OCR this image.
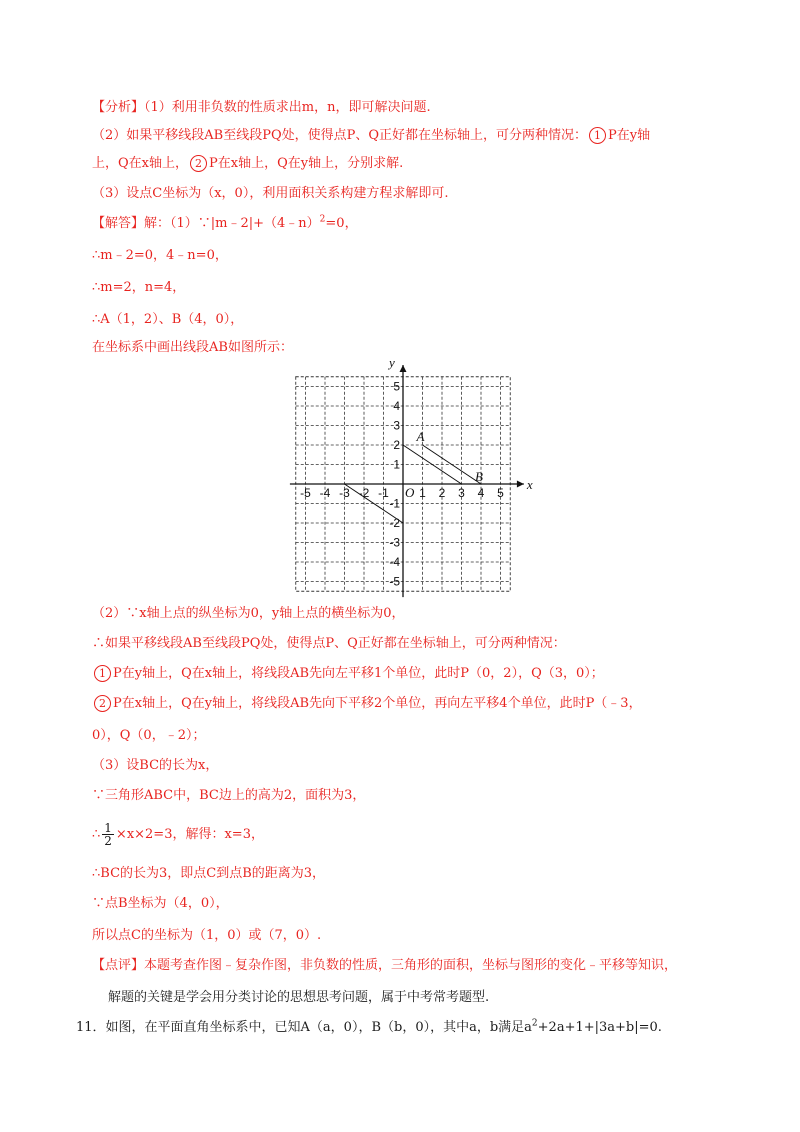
【分析】（1）利用非负数的性质求出m，n，即可解决问题.
（2）如果平移线段AB至线段PQ处，使得点P、Q正好都在坐标轴上，可分两种情况： 1 P在y轴
上，Q在x轴上， 2 P在x轴上，Q在y轴上，分别求解.
（3）设点C坐标为（x，0），利用面积关系构建方程求解即可.
【解答】解：（1）∵|m﹣2|+（4﹣n）$^2$=0，
∴m﹣2=0，4﹣n=0，
∴m=2，n=4，
∴A（1，2）、B（4，0），
在坐标系中画出线段AB如图所示：
-5 -4 -3 -2 -1	1 2 3 4 5
5
4
3
2
1
-1
-2
-3
-4
-5
x
y
O
A
B
（2）∵x轴上点的纵坐标为0，y轴上点的横坐标为0，
∴如果平移线段AB至线段PQ处，使得点P、Q正好都在坐标轴上，可分两种情况：
1 P在y轴上，Q在x轴上，将线段AB先向左平移1个单位，此时P（0，2），Q（3，0）；
2 P在x轴上，Q在y轴上，将线段AB先向下平移2个单位，再向左平移4个单位，此时P（﹣3，
0），Q（0，﹣2）；
（3）设BC的长为x，
∵三角形ABC中，BC边上的高为2，面积为3，
∴ $\frac{1}{2} \times x\times 2=3$，解得：x=3，
∴BC的长为3，即点C到点B的距离为3，
∵点B坐标为（4，0），
所以点C的坐标为（1，0）或（7，0）.
【点评】本题考查作图﹣复杂作图，非负数的性质，三角形的面积，坐标与图形的变化﹣平移等知识，
解题的关键是学会用分类讨论的思想思考问题，属于中考常考题型.
11．如图，在平面直角坐标系中，已知A（a，0），B（b，0），其中a，b满足$a^2+2a+1+|3a+b|=0$.
